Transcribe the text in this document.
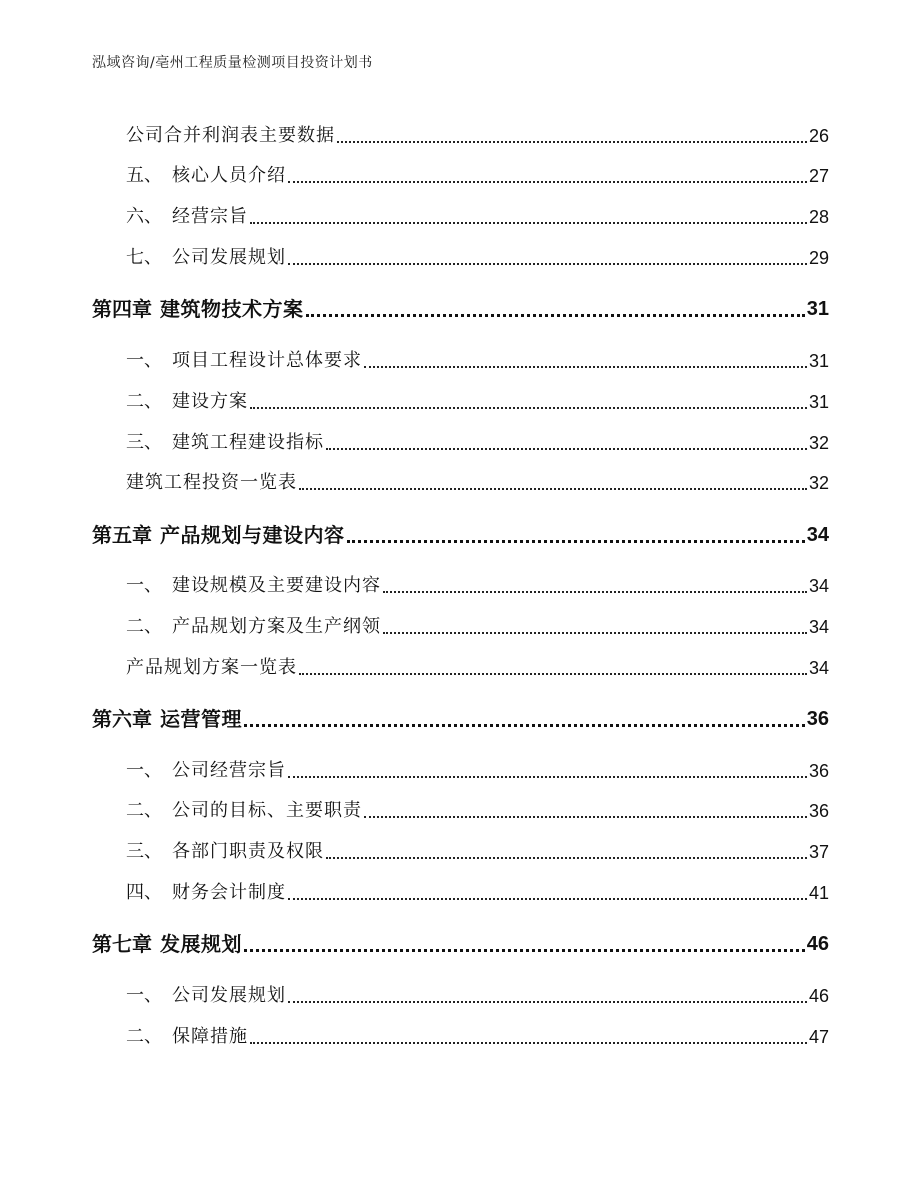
泓域咨询/亳州工程质量检测项目投资计划书
公司合并利润表主要数据	26
五、 核心人员介绍	27
六、 经营宗旨	28
七、 公司发展规划	29
第四章 建筑物技术方案	31
一、 项目工程设计总体要求	31
二、 建设方案	31
三、 建筑工程建设指标	32
建筑工程投资一览表	32
第五章 产品规划与建设内容	34
一、 建设规模及主要建设内容	34
二、 产品规划方案及生产纲领	34
产品规划方案一览表	34
第六章 运营管理	36
一、 公司经营宗旨	36
二、 公司的目标、主要职责	36
三、 各部门职责及权限	37
四、 财务会计制度	41
第七章 发展规划	46
一、 公司发展规划	46
二、 保障措施	47
